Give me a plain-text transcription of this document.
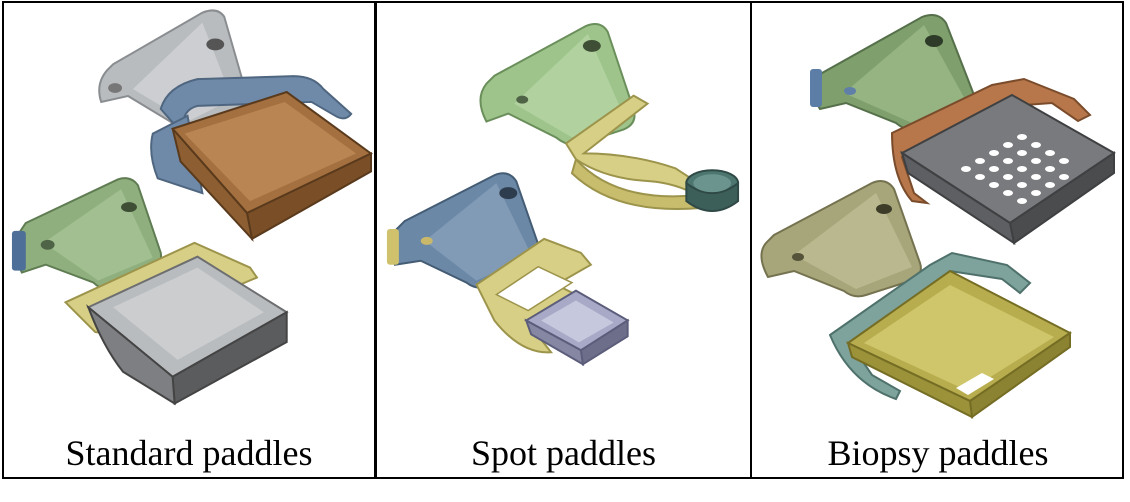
Standard paddles	Spot paddles	Biopsy paddles
